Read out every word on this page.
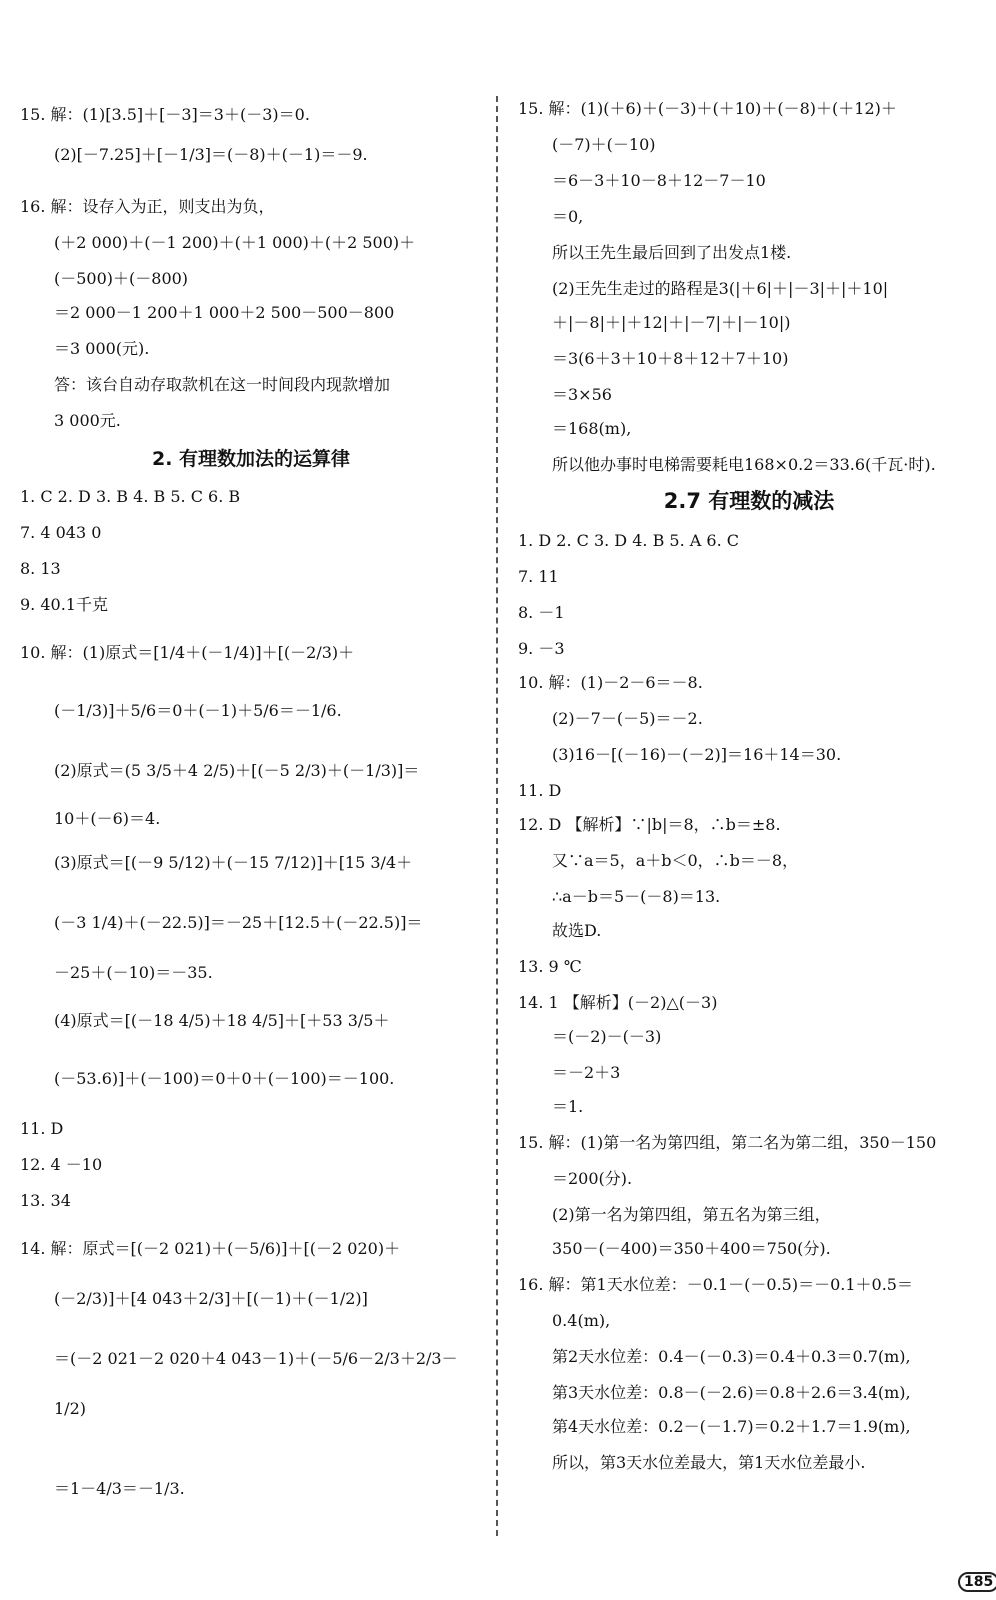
15. 解：(1)[3.5]＋[－3]＝3＋(－3)＝0.
(2)[－7.25]＋[－1/3]＝(－8)＋(－1)＝－9.
16. 解：设存入为正，则支出为负，
(＋2 000)＋(－1 200)＋(＋1 000)＋(＋2 500)＋
(－500)＋(－800)
＝2 000－1 200＋1 000＋2 500－500－800
＝3 000(元).
答：该台自动存取款机在这一时间段内现款增加
3 000元.
2. 有理数加法的运算律
1. C 2. D 3. B 4. B 5. C 6. B
7. 4 043 0
8. 13
9. 40.1千克
10. 解：(1)原式＝[1/4＋(－1/4)]＋[(－2/3)＋
(－1/3)]＋5/6＝0＋(－1)＋5/6＝－1/6.
(2)原式＝(5 3/5＋4 2/5)＋[(－5 2/3)＋(－1/3)]＝
10＋(－6)＝4.
(3)原式＝[(－9 5/12)＋(－15 7/12)]＋[15 3/4＋
(－3 1/4)＋(－22.5)]＝－25＋[12.5＋(－22.5)]＝
－25＋(－10)＝－35.
(4)原式＝[(－18 4/5)＋18 4/5]＋[＋53 3/5＋
(－53.6)]＋(－100)＝0＋0＋(－100)＝－100.
11. D
12. 4 －10
13. 34
14. 解：原式＝[(－2 021)＋(－5/6)]＋[(－2 020)＋
(－2/3)]＋[4 043＋2/3]＋[(－1)＋(－1/2)]
＝(－2 021－2 020＋4 043－1)＋(－5/6－2/3＋2/3－
1/2)
＝1－4/3＝－1/3.
15. 解：(1)(＋6)＋(－3)＋(＋10)＋(－8)＋(＋12)＋
(－7)＋(－10)
＝6－3＋10－8＋12－7－10
＝0,
所以王先生最后回到了出发点1楼.
(2)王先生走过的路程是3(|＋6|＋|－3|＋|＋10|
＋|－8|＋|＋12|＋|－7|＋|－10|)
＝3(6＋3＋10＋8＋12＋7＋10)
＝3×56
＝168(m),
所以他办事时电梯需要耗电168×0.2＝33.6(千瓦·时).
2.7 有理数的减法
1. D 2. C 3. D 4. B 5. A 6. C
7. 11
8. －1
9. －3
10. 解：(1)－2－6＝－8.
(2)－7－(－5)＝－2.
(3)16－[(－16)－(－2)]＝16＋14＝30.
11. D
12. D 【解析】∵|b|＝8，∴b＝±8.
又∵a＝5，a＋b＜0，∴b＝－8，
∴a－b＝5－(－8)＝13.
故选D.
13. 9 ℃
14. 1 【解析】(－2)△(－3)
＝(－2)－(－3)
＝－2＋3
＝1.
15. 解：(1)第一名为第四组，第二名为第二组，350－150
＝200(分).
(2)第一名为第四组，第五名为第三组，
350－(－400)＝350＋400＝750(分).
16. 解：第1天水位差：－0.1－(－0.5)＝－0.1＋0.5＝
0.4(m),
第2天水位差：0.4－(－0.3)＝0.4＋0.3＝0.7(m),
第3天水位差：0.8－(－2.6)＝0.8＋2.6＝3.4(m),
第4天水位差：0.2－(－1.7)＝0.2＋1.7＝1.9(m),
所以，第3天水位差最大，第1天水位差最小.
185
